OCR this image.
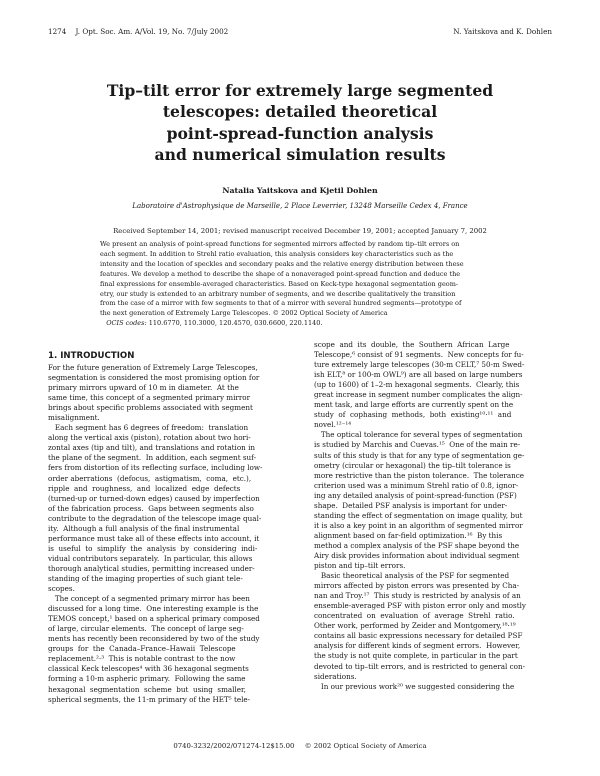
1274 J. Opt. Soc. Am. A/Vol. 19, No. 7/July 2002	N. Yaitskova and K. Dohlen
Tip–tilt error for extremely large segmented
telescopes: detailed theoretical
point-spread-function analysis
and numerical simulation results
Natalia Yaitskova and Kjetil Dohlen
Laboratoire d'Astrophysique de Marseille, 2 Place Leverrier, 13248 Marseille Cedex 4, France
Received September 14, 2001; revised manuscript received December 19, 2001; accepted January 7, 2002
We present an analysis of point-spread functions for segmented mirrors affected by random tip–tilt errors on
each segment. In addition to Strehl ratio evaluation, this analysis considers key characteristics such as the
intensity and the location of speckles and secondary peaks and the relative energy distribution between these
features. We develop a method to describe the shape of a nonaveraged point-spread function and deduce the
final expressions for ensemble-averaged characteristics. Based on Keck-type hexagonal segmentation geom-
etry, our study is extended to an arbitrary number of segments, and we describe qualitatively the transition
from the case of a mirror with few segments to that of a mirror with several hundred segments—prototype of
the next generation of Extremely Large Telescopes. © 2002 Optical Society of America
OCIS codes: 110.6770, 110.3000, 120.4570, 030.6600, 220.1140.
1. INTRODUCTION
For the future generation of Extremely Large Telescopes,
segmentation is considered the most promising option for
primary mirrors upward of 10 m in diameter.  At the
same time, this concept of a segmented primary mirror
brings about specific problems associated with segment
misalignment.
Each segment has 6 degrees of freedom:  translation
along the vertical axis (piston), rotation about two hori-
zontal axes (tip and tilt), and translations and rotation in
the plane of the segment.  In addition, each segment suf-
fers from distortion of its reflecting surface, including low-
order aberrations  (defocus,  astigmatism,  coma,  etc.),
ripple  and  roughness,  and  localized  edge  defects
(turned-up or turned-down edges) caused by imperfection
of the fabrication process.  Gaps between segments also
contribute to the degradation of the telescope image qual-
ity.  Although a full analysis of the final instrumental
performance must take all of these effects into account, it
is  useful  to  simplify  the  analysis  by  considering  indi-
vidual contributors separately.  In particular, this allows
thorough analytical studies, permitting increased under-
standing of the imaging properties of such giant tele-
scopes.
The concept of a segmented primary mirror has been
discussed for a long time.  One interesting example is the
TEMOS concept,¹ based on a spherical primary composed
of large, circular elements.  The concept of large seg-
ments has recently been reconsidered by two of the study
groups  for  the  Canada–France–Hawaii  Telescope
replacement.²·³  This is notable contrast to the now
classical Keck telescopes⁴ with 36 hexagonal segments
forming a 10-m aspheric primary.  Following the same
hexagonal  segmentation  scheme  but  using  smaller,
spherical segments, the 11-m primary of the HET⁵ tele-
scope  and  its  double,  the  Southern  African  Large
Telescope,⁶ consist of 91 segments.  New concepts for fu-
ture extremely large telescopes (30-m CELT,⁷ 50-m Swed-
ish ELT,⁸ or 100-m OWL⁹) are all based on large numbers
(up to 1600) of 1–2-m hexagonal segments.  Clearly, this
great increase in segment number complicates the align-
ment task, and large efforts are currently spent on the
study  of  cophasing  methods,  both  existing¹⁰·¹¹  and
novel.¹²⁻¹⁴
The optical tolerance for several types of segmentation
is studied by Marchis and Cuevas.¹⁵  One of the main re-
sults of this study is that for any type of segmentation ge-
ometry (circular or hexagonal) the tip–tilt tolerance is
more restrictive than the piston tolerance.  The tolerance
criterion used was a minimum Strehl ratio of 0.8, ignor-
ing any detailed analysis of point-spread-function (PSF)
shape.  Detailed PSF analysis is important for under-
standing the effect of segmentation on image quality, but
it is also a key point in an algorithm of segmented mirror
alignment based on far-field optimization.¹⁶  By this
method a complex analysis of the PSF shape beyond the
Airy disk provides information about individual segment
piston and tip–tilt errors.
Basic theoretical analysis of the PSF for segmented
mirrors affected by piston errors was presented by Cha-
nan and Troy.¹⁷  This study is restricted by analysis of an
ensemble-averaged PSF with piston error only and mostly
concentrated  on  evaluation  of  average  Strehl  ratio.
Other work, performed by Zeider and Montgomery,¹⁸·¹⁹
contains all basic expressions necessary for detailed PSF
analysis for different kinds of segment errors.  However,
the study is not quite complete, in particular in the part
devoted to tip–tilt errors, and is restricted to general con-
siderations.
In our previous work²⁰ we suggested considering the
0740-3232/2002/071274-12$15.00 © 2002 Optical Society of America
